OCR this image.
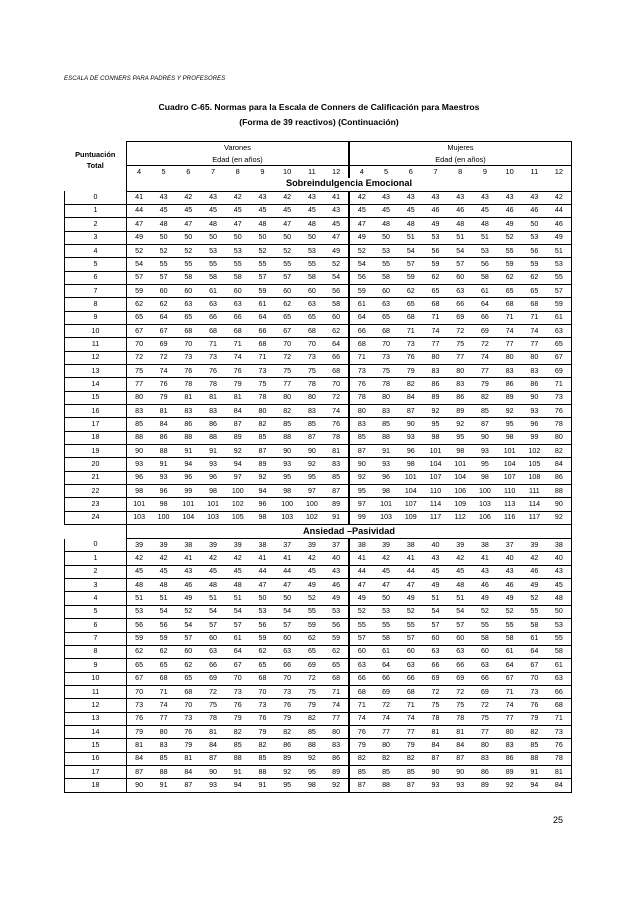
ESCALA DE CONNERS PARA PADRES Y PROFESORES
Cuadro C-65. Normas para la Escala de Conners de Calificación para Maestros
(Forma de 39 reactivos) (Continuación)
Puntuación
Total	Varones									Mujeres								
	Edad (en años)									Edad (en años)								
	4	5	6	7	8	9	10	11	12	4	5	6	7	8	9	10	11	12
	Sobreindulgencia Emocional																	
0	41	43	42	43	42	43	42	43	41	42	43	43	43	43	43	43	43	42
1	44	45	45	45	45	45	45	45	43	45	45	45	46	46	45	46	46	44
2	47	48	47	48	47	48	47	48	45	47	48	48	49	48	48	49	50	46
3	49	50	50	50	50	50	50	50	47	49	50	51	53	51	51	52	53	49
4	52	52	52	53	53	52	52	53	49	52	53	54	56	54	53	55	56	51
5	54	55	55	55	55	55	55	55	52	54	55	57	59	57	56	59	59	53
6	57	57	58	58	58	57	57	58	54	56	58	59	62	60	58	62	62	55
7	59	60	60	61	60	59	60	60	56	59	60	62	65	63	61	65	65	57
8	62	62	63	63	63	61	62	63	58	61	63	65	68	66	64	68	68	59
9	65	64	65	66	66	64	65	65	60	64	65	68	71	69	66	71	71	61
10	67	67	68	68	68	66	67	68	62	66	68	71	74	72	69	74	74	63
11	70	69	70	71	71	68	70	70	64	68	70	73	77	75	72	77	77	65
12	72	72	73	73	74	71	72	73	66	71	73	76	80	77	74	80	80	67
13	75	74	76	76	76	73	75	75	68	73	75	79	83	80	77	83	83	69
14	77	76	78	78	79	75	77	78	70	76	78	82	86	83	79	86	86	71
15	80	79	81	81	81	78	80	80	72	78	80	84	89	86	82	89	90	73
16	83	81	83	83	84	80	82	83	74	80	83	87	92	89	85	92	93	76
17	85	84	86	86	87	82	85	85	76	83	85	90	95	92	87	95	96	78
18	88	86	88	88	89	85	88	87	78	85	88	93	98	95	90	98	99	80
19	90	88	91	91	92	87	90	90	81	87	91	96	101	98	93	101	102	82
20	93	91	94	93	94	89	93	92	83	90	93	98	104	101	95	104	105	84
21	96	93	96	96	97	92	95	95	85	92	96	101	107	104	98	107	108	86
22	98	96	99	98	100	94	98	97	87	95	98	104	110	106	100	110	111	88
23	101	98	101	101	102	96	100	100	89	97	101	107	114	109	103	113	114	90
24	103	100	104	103	105	98	103	102	91	99	103	109	117	112	106	116	117	92
	Ansiedad –Pasividad																	
0	39	39	38	39	39	38	37	39	37	38	39	38	40	39	38	37	39	38
1	42	42	41	42	42	41	41	42	40	41	42	41	43	42	41	40	42	40
2	45	45	43	45	45	44	44	45	43	44	45	44	45	45	43	43	46	43
3	48	48	46	48	48	47	47	49	46	47	47	47	49	48	46	46	49	45
4	51	51	49	51	51	50	50	52	49	49	50	49	51	51	49	49	52	48
5	53	54	52	54	54	53	54	55	53	52	53	52	54	54	52	52	55	50
6	56	56	54	57	57	56	57	59	56	55	55	55	57	57	55	55	58	53
7	59	59	57	60	61	59	60	62	59	57	58	57	60	60	58	58	61	55
8	62	62	60	63	64	62	63	65	62	60	61	60	63	63	60	61	64	58
9	65	65	62	66	67	65	66	69	65	63	64	63	66	66	63	64	67	61
10	67	68	65	69	70	68	70	72	68	66	66	66	69	69	66	67	70	63
11	70	71	68	72	73	70	73	75	71	68	69	68	72	72	69	71	73	66
12	73	74	70	75	76	73	76	79	74	71	72	71	75	75	72	74	76	68
13	76	77	73	78	79	76	79	82	77	74	74	74	78	78	75	77	79	71
14	79	80	76	81	82	79	82	85	80	76	77	77	81	81	77	80	82	73
15	81	83	79	84	85	82	86	88	83	79	80	79	84	84	80	83	85	76
16	84	85	81	87	88	85	89	92	86	82	82	82	87	87	83	86	88	78
17	87	88	84	90	91	88	92	95	89	85	85	85	90	90	86	89	91	81
18	90	91	87	93	94	91	95	98	92	87	88	87	93	93	89	92	94	84
25
